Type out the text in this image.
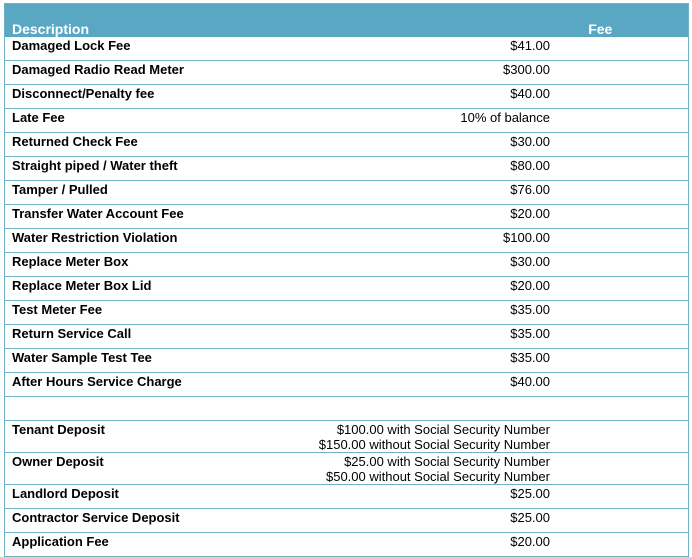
Description	Fee
Damaged Lock Fee	$41.00
Damaged Radio Read Meter	$300.00
Disconnect/Penalty fee	$40.00
Late Fee	10% of balance
Returned Check Fee	$30.00
Straight piped / Water theft	$80.00
Tamper / Pulled	$76.00
Transfer Water Account Fee	$20.00
Water Restriction Violation	$100.00
Replace Meter Box	$30.00
Replace Meter Box Lid	$20.00
Test Meter Fee	$35.00
Return Service Call	$35.00
Water Sample Test Tee	$35.00
After Hours Service Charge	$40.00

Tenant Deposit	$100.00 with Social Security Number
$150.00 without Social Security Number

Owner Deposit	$25.00 with Social Security Number
$50.00 without Social Security Number

Landlord Deposit	$25.00

Contractor Service Deposit	$25.00

Application Fee	$20.00
